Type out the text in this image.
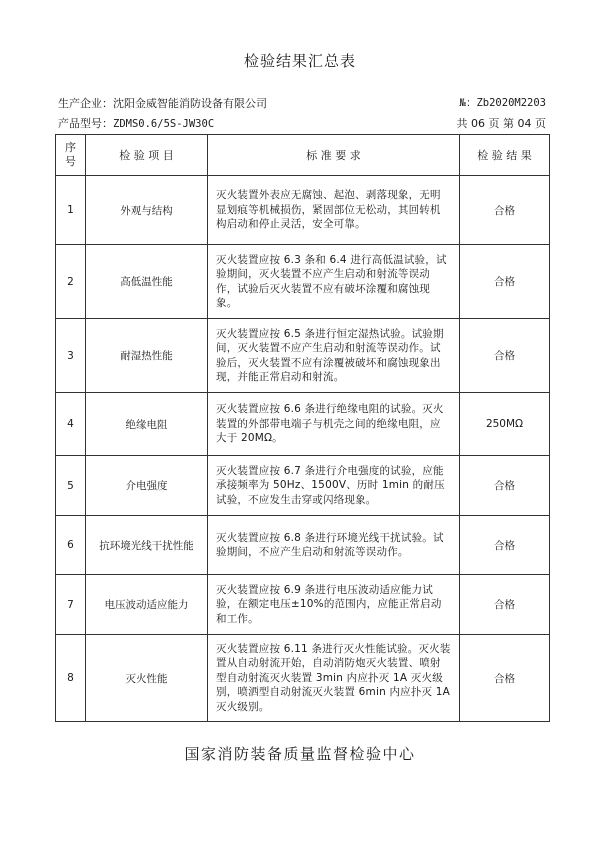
检验结果汇总表
生产企业：沈阳金威智能消防设备有限公司	№：Zb2020M2203
产品型号：ZDMS0.6/5S-JW30C	共 06 页 第 04 页
序号	检 验 项 目	标 准 要 求	检 验 结 果
1	外观与结构	灭火装置外表应无腐蚀、起泡、剥落现象，无明显划痕等机械损伤，紧固部位无松动，其回转机构启动和停止灵活，安全可靠。	合格
2	高低温性能	灭火装置应按 6.3 条和 6.4 进行高低温试验，试验期间，灭火装置不应产生启动和射流等误动作，试验后灭火装置不应有破坏涂覆和腐蚀现象。	合格
3	耐湿热性能	灭火装置应按 6.5 条进行恒定湿热试验。试验期间，灭火装置不应产生启动和射流等误动作。试验后，灭火装置不应有涂覆被破坏和腐蚀现象出现，并能正常启动和射流。	合格
4	绝缘电阻	灭火装置应按 6.6 条进行绝缘电阻的试验。灭火装置的外部带电端子与机壳之间的绝缘电阻，应大于 20MΩ。	250MΩ
5	介电强度	灭火装置应按 6.7 条进行介电强度的试验，应能承接频率为 50Hz、1500V、历时 1min 的耐压试验，不应发生击穿或闪络现象。	合格
6	抗环境光线干扰性能	灭火装置应按 6.8 条进行环境光线干扰试验。试验期间，不应产生启动和射流等误动作。	合格
7	电压波动适应能力	灭火装置应按 6.9 条进行电压波动适应能力试验，在额定电压±10%的范围内，应能正常启动和工作。	合格
8	灭火性能	灭火装置应按 6.11 条进行灭火性能试验。灭火装置从自动射流开始，自动消防炮灭火装置、喷射型自动射流灭火装置 3min 内应扑灭 1A 灭火级别，喷洒型自动射流灭火装置 6min 内应扑灭 1A 灭火级别。	合格
国家消防装备质量监督检验中心
